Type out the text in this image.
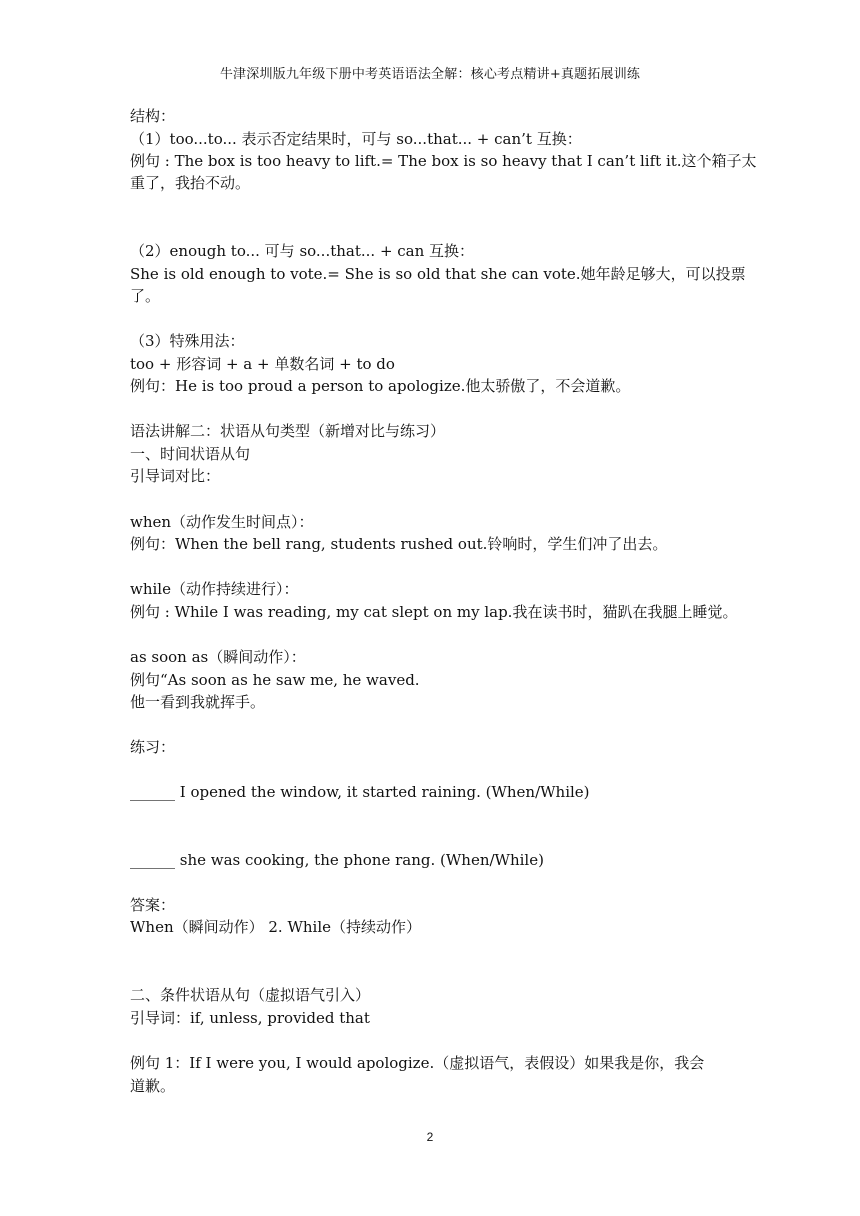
牛津深圳版九年级下册中考英语语法全解：核心考点精讲+真题拓展训练
结构：
（1）too...to... 表示否定结果时，可与 so...that... + can’t 互换：
例句 : The box is too heavy to lift.= The box is so heavy that I can’t lift it.这个箱子太
重了，我抬不动。
（2）enough to... 可与 so...that... + can 互换：
She is old enough to vote.= She is so old that she can vote.她年龄足够大，可以投票
了。
（3）特殊用法：
too + 形容词 + a + 单数名词 + to do
例句：He is too proud a person to apologize.他太骄傲了，不会道歉。
语法讲解二：状语从句类型（新增对比与练习）
一、时间状语从句
引导词对比：
when（动作发生时间点）：
例句：When the bell rang, students rushed out.铃响时，学生们冲了出去。
while（动作持续进行）：
例句 : While I was reading, my cat slept on my lap.我在读书时，猫趴在我腿上睡觉。
as soon as（瞬间动作）：
例句“As soon as he saw me, he waved.
他一看到我就挥手。
练习：
______ I opened the window, it started raining. (When/While)
______ she was cooking, the phone rang. (When/While)
答案：
When（瞬间动作） 2. While（持续动作）
二、条件状语从句（虚拟语气引入）
引导词：if, unless, provided that
例句 1：If I were you, I would apologize.（虚拟语气，表假设）如果我是你，我会
道歉。
2
